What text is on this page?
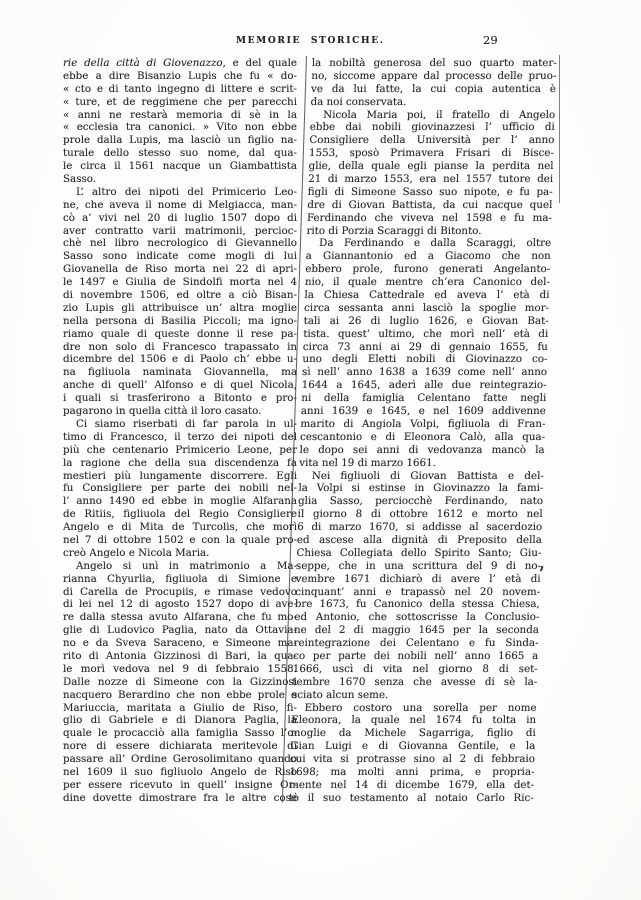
MEMORIE STORICHE.	29
‚
rie della città di Giovenazzo, e del quale
ebbe a dire Bisanzio Lupis che fu « do-
« cto e di tanto ingegno di littere e scrit-
« ture, et de reggimene che per parecchi
« anni ne restarà memoria di sè in la
« ecclesia tra canonici. » Vito non ebbe
prole dalla Lupis, ma lasciò un figlio na-
turale dello stesso suo nome, dal qua-
le circa il 1561 nacque un Giambattista
Sasso.
L’ altro dei nipoti del Primicerio Leo-
ne, che aveva il nome di Melgiacca, man-
cò a’ vivi nel 20 di luglio 1507 dopo di
aver contratto varii matrimonii, percioc-
chè nel libro necrologico di Gievannello
Sasso sono indicate come mogli di lui
Giovanella de Riso morta nei 22 di apri-
le 1497 e Giulia de Sindolfi morta nel 4
di novembre 1506, ed oltre a ciò Bisan-
zio Lupis gli attribuisce un’ altra moglie
nella persona di Basilia Piccoli; ma igno-
riamo quale di queste donne il rese pa-
dre non solo di Francesco trapassato in
dicembre del 1506 e di Paolo ch’ ebbe u-
na figliuola naminata Giovannella, ma
anche di quell’ Alfonso e di quel Nicola,
i quali si trasferirono a Bitonto e pro-
pagarono in quella città il loro casato.
Ci siamo riserbati di far parola in ul-
timo di Francesco, il terzo dei nipoti del
più che centenario Primicerio Leone, per
la ragione che della sua discendenza fa
mestieri più lungamente discorrere. Egli
fu Consigliere per parte dei nobili nel-
l’ anno 1490 ed ebbe in moglie Alfarana
de Ritiis, figliuola del Regio Consigliere
Angelo e di Mita de Turcolis, che morì
nel 7 di ottobre 1502 e con la quale pro-
creò Angelo e Nicola Maria.
Angelo si unì in matrimonio a Ma-
rianna Chyurlia, figliuola di Simione e
di Carella de Procupiis, e rimase vedovo
di lei nel 12 di agosto 1527 dopo di ave-
re dalla stessa avuto Alfarana, che fu mo-
glie di Ludovico Paglia, nato da Ottavia-
no e da Sveva Saraceno, e Simeone ma-
rito di Antonia Gizzinosi di Bari, la qua-
le morì vedova nel 9 di febbraio 1558.
Dalle nozze di Simeone con la Gizzinosi
nacquero Berardino che non ebbe prole e
Mariuccia, maritata a Giulio de Riso, fi-
glio di Gabriele e di Dianora Paglia, la
quale le procacciò alla famiglia Sasso l’o-
nore di essere dichiarata meritevole di
passare all’ Ordine Gerosolimitano quando
nel 1609 il suo figliuolo Angelo de Riso
per essere ricevuto in quell’ insigne Or-
dine dovette dimostrare fra le altre cose
la nobiltà generosa del suo quarto mater-
no, siccome appare dal processo delle pruo-
ve da lui fatte, la cui copia autentica è
da noi conservata.
Nicola Maria poi, il fratello di Angelo
ebbe dai nobili giovinazzesi l’ ufficio di
Consigliere della Università per l’ anno
1553, sposò Primavera Frisari di Bisce-
glie, della quale egli pianse la perdita nel
21 di marzo 1553, era nel 1557 tutore dei
figli di Simeone Sasso suo nipote, e fu pa-
dre di Giovan Battista, da cui nacque quel
Ferdinando che viveva nel 1598 e fu ma-
rito di Porzia Scaraggi di Bitonto.
Da Ferdinando e dalla Scaraggi, oltre
a Giannantonio ed a Giacomo che non
ebbero prole, furono generati Angelanto-
nio, il quale mentre ch’era Canonico del-
la Chiesa Cattedrale ed aveva l’ età di
circa sessanta anni lasciò la spoglie mor-
tali ai 26 di luglio 1626, e Giovan Bat-
tista. quest’ ultimo, che morì nell’ età di
circa 73 anni ai 29 di gennaio 1655, fu
uno degli Eletti nobili di Giovinazzo co-
sì nell’ anno 1638 a 1639 come nell’ anno
1644 a 1645, aderì alle due reintegrazio-
ni della famiglia Celentano fatte negli
anni 1639 e 1645, e nel 1609 addivenne
marito di Angiola Volpi, figliuola di Fran-
cescantonio e di Eleonora Calò, alla qua-
le dopo sei anni di vedovanza mancò la
vita nel 19 di marzo 1661.
Nei figliuoli di Giovan Battista e del-
la Volpi si estinse in Giovinazzo la fami-
glia Sasso, perciocchè Ferdinando, nato
il giorno 8 di ottobre 1612 e morto nel
6 di marzo 1670, si addisse al sacerdozio
ed ascese alla dignità di Preposito della
Chiesa Collegiata dello Spirito Santo; Giu-
seppe, che in una scrittura del 9 di no-
vembre 1671 dichiarò di avere l’ età di
cinquant’ anni e trapassò nel 20 novem-
bre 1673, fu Canonico della stessa Chiesa,
ed Antonio, che sottoscrisse la Conclusio-
ne del 2 di maggio 1645 per la seconda
reintegrazione dei Celentano e fu Sinda-
co per parte dei nobili nell’ anno 1665 a
1666, uscì di vita nel giorno 8 di set-
tembre 1670 senza che avesse di sè la-
sciato alcun seme.
Ebbero costoro una sorella per nome
Eleonora, la quale nel 1674 fu tolta in
moglie da Michele Sagarriga, figlio di
Gian Luigi e di Giovanna Gentile, e la
cui vita si protrasse sino al 2 di febbraio
1698; ma molti anni prima, e propria-
mente nel 14 di dicembe 1679, ella det-
tò il suo testamento al notaio Carlo Ric-
